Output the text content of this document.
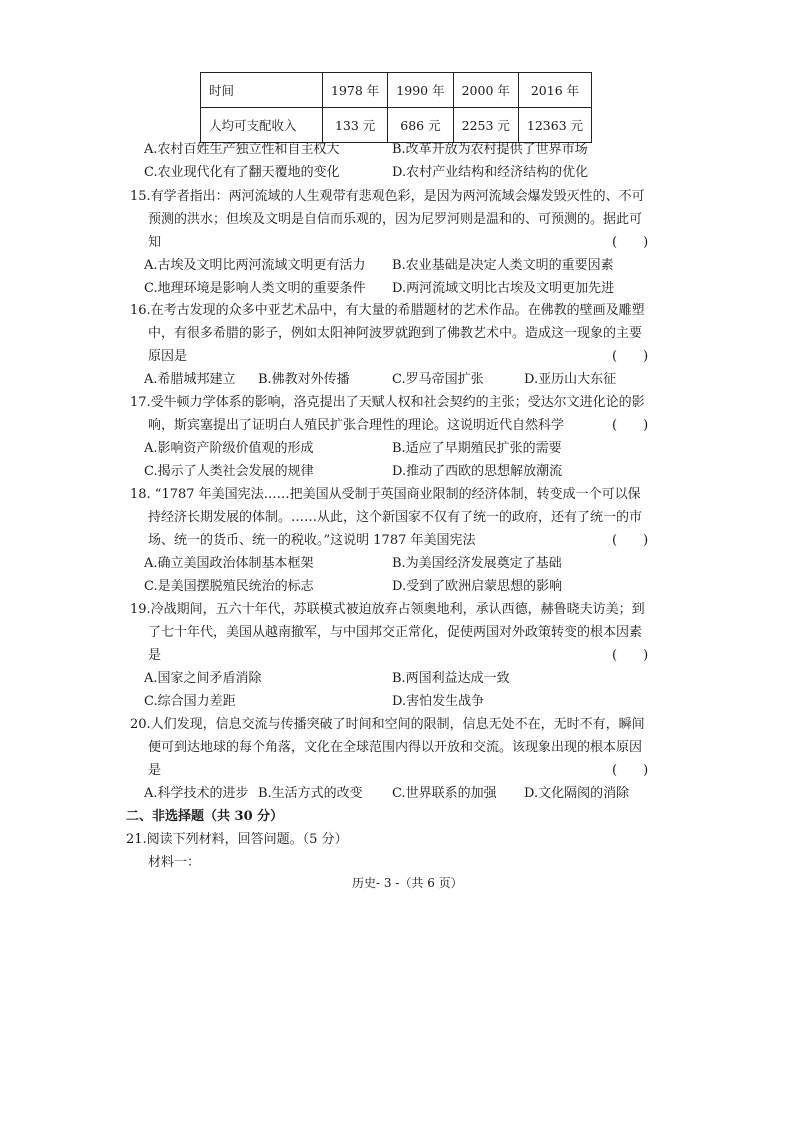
时间	1978 年	1990 年	2000 年	2016 年
人均可支配收入	133 元	686 元	2253 元	12363 元
A.农村百姓生产独立性和自主权大	B.改革开放为农村提供了世界市场
C.农业现代化有了翻天覆地的变化	D.农村产业结构和经济结构的优化
15.有学者指出：两河流域的人生观带有悲观色彩，是因为两河流域会爆发毁灭性的、不可
预测的洪水；但埃及文明是自信而乐观的，因为尼罗河则是温和的、可预测的。据此可
知	(　　)
A.古埃及文明比两河流域文明更有活力 B.农业基础是决定人类文明的重要因素
C.地理环境是影响人类文明的重要条件 D.两河流域文明比古埃及文明更加先进
16.在考古发现的众多中亚艺术品中，有大量的希腊题材的艺术作品。在佛教的壁画及雕塑
中，有很多希腊的影子，例如太阳神阿波罗就跑到了佛教艺术中。造成这一现象的主要
原因是	(　　)
A.希腊城邦建立 B.佛教对外传播	C.罗马帝国扩张	D.亚历山大东征
17.受牛顿力学体系的影响，洛克提出了天赋人权和社会契约的主张；受达尔文进化论的影
响，斯宾塞提出了证明白人殖民扩张合理性的理论。这说明近代自然科学	(　　)
A.影响资产阶级价值观的形成	B.适应了早期殖民扩张的需要
C.揭示了人类社会发展的规律	D.推动了西欧的思想解放潮流
18. “1787 年美国宪法……把美国从受制于英国商业限制的经济体制，转变成一个可以保
持经济长期发展的体制。……从此，这个新国家不仅有了统一的政府，还有了统一的市
场、统一的货币、统一的税收。”这说明 1787 年美国宪法	(　　)
A.确立美国政治体制基本框架	B.为美国经济发展奠定了基础
C.是美国摆脱殖民统治的标志	D.受到了欧洲启蒙思想的影响
19.冷战期间，五六十年代，苏联模式被迫放弃占领奥地利，承认西德，赫鲁晓夫访美；到
了七十年代，美国从越南撤军，与中国邦交正常化，促使两国对外政策转变的根本因素
是	(　　)
A.国家之间矛盾消除	B.两国利益达成一致
C.综合国力差距	D.害怕发生战争
20.人们发现，信息交流与传播突破了时间和空间的限制，信息无处不在，无时不有，瞬间
便可到达地球的每个角落，文化在全球范围内得以开放和交流。该现象出现的根本原因
是	(　　)
A.科学技术的进步 B.生活方式的改变 C.世界联系的加强 D.文化隔阂的消除
二、非选择题（共 30 分）
21.阅读下列材料，回答问题。（5 分）
材料一：
历史- 3 -（共 6 页）
